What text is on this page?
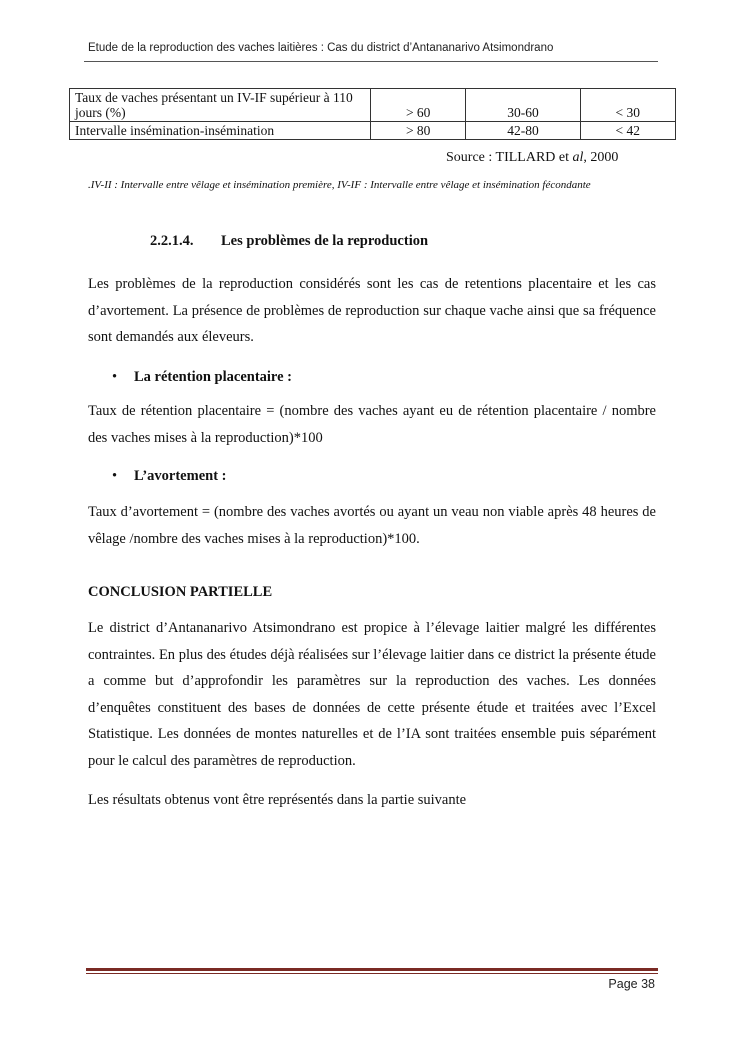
Etude de la reproduction des vaches laitières : Cas du district d’Antananarivo Atsimondrano
Taux de vaches présentant un IV-IF supérieur à 110 jours (%)	> 60	30-60	< 30
Intervalle insémination-insémination	> 80	42-80	< 42
Source : TILLARD et al, 2000
.IV-II : Intervalle entre vêlage et insémination première, IV-IF : Intervalle entre vêlage et insémination fécondante
2.2.1.4. Les problèmes de la reproduction
Les problèmes de la reproduction considérés sont les cas de retentions placentaire et les cas d’avortement. La présence de problèmes de reproduction sur chaque vache ainsi que sa fréquence sont demandés aux éleveurs.
• La rétention placentaire :
Taux de rétention placentaire = (nombre des vaches ayant eu de rétention placentaire / nombre des vaches mises à la reproduction)*100
• L’avortement :
Taux d’avortement = (nombre des vaches avortés ou ayant un veau non viable après 48 heures de vêlage /nombre des vaches mises à la reproduction)*100.
CONCLUSION PARTIELLE
Le district d’Antananarivo Atsimondrano est propice à l’élevage laitier malgré les différentes contraintes. En plus des études déjà réalisées sur l’élevage laitier dans ce district la présente étude a comme but d’approfondir les paramètres sur la reproduction des vaches. Les données d’enquêtes constituent des bases de données de cette présente étude et traitées avec l’Excel Statistique. Les données de montes naturelles et de l’IA sont traitées ensemble puis séparément pour le calcul des paramètres de reproduction.
Les résultats obtenus vont être représentés dans la partie suivante
Page 38
